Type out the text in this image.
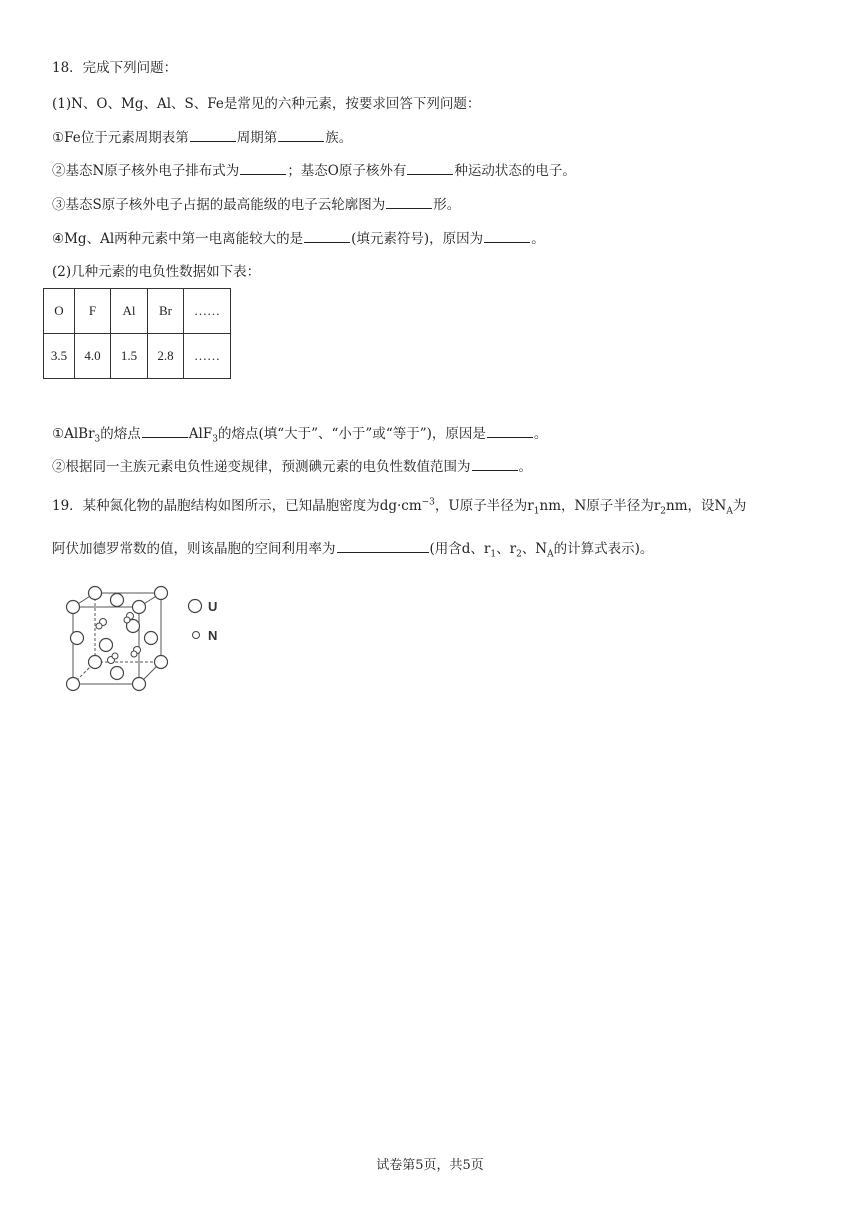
18．完成下列问题：
(1)N、O、Mg、Al、S、Fe是常见的六种元素，按要求回答下列问题：
①Fe位于元素周期表第	周期第	族。
②基态N原子核外电子排布式为	；基态O原子核外有	种运动状态的电子。
③基态S原子核外电子占据的最高能级的电子云轮廓图为	形。
④Mg、Al两种元素中第一电离能较大的是	(填元素符号)，原因为	。
(2)几种元素的电负性数据如下表：
O	F	Al	Br	……
3.5	4.0	1.5	2.8	……
①AlBr$_3$的熔点	AlF$_3$的熔点(填“大于”、“小于”或“等于”)，原因是	。
②根据同一主族元素电负性递变规律，预测碘元素的电负性数值范围为	。
19．某种氮化物的晶胞结构如图所示，已知晶胞密度为$dg\cdot cm^{-3}$，U原子半径为$r_1nm$，N原子半径为$r_2nm$，设$N_A$为
阿伏加德罗常数的值，则该晶胞的空间利用率为	(用含d、$r_1$、$r_2$、$N_A$的计算式表示)。
U
N
试卷第5页，共5页
